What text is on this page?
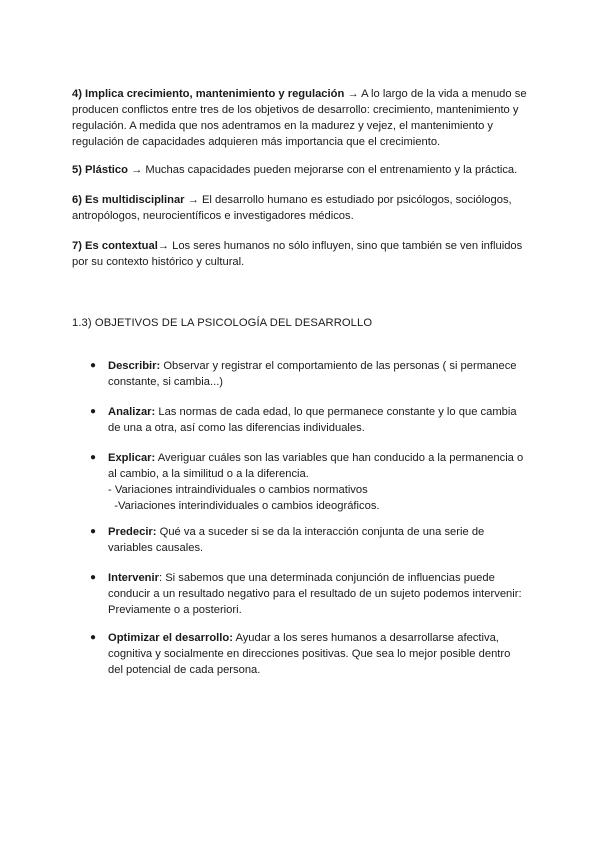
4) Implica crecimiento, mantenimiento y regulación → A lo largo de la vida a menudo se producen conflictos entre tres de los objetivos de desarrollo: crecimiento, mantenimiento y regulación. A medida que nos adentramos en la madurez y vejez, el mantenimiento y regulación de capacidades adquieren más importancia que el crecimiento.

5) Plástico → Muchas capacidades pueden mejorarse con el entrenamiento y la práctica.

6) Es multidisciplinar → El desarrollo humano es estudiado por psicólogos, sociólogos, antropólogos, neurocientíficos e investigadores médicos.

7) Es contextual→ Los seres humanos no sólo influyen, sino que también se ven influidos por su contexto histórico y cultural.

1.3) OBJETIVOS DE LA PSICOLOGÍA DEL DESARROLLO
● Describir: Observar y registrar el comportamiento de las personas ( si permanece constante, si cambia...)
● Analizar: Las normas de cada edad, lo que permanece constante y lo que cambia de una a otra, así como las diferencias individuales.
● Explicar: Averiguar cuáles son las variables que han conducido a la permanencia o al cambio, a la similitud o a la diferencia.
- Variaciones intraindividuales o cambios normativos
-Variaciones interindividuales o cambios ideográficos.
● Predecir: Qué va a suceder si se da la interacción conjunta de una serie de variables causales.
● Intervenir: Si sabemos que una determinada conjunción de influencias puede conducir a un resultado negativo para el resultado de un sujeto podemos intervenir: Previamente o a posteriori.
● Optimizar el desarrollo: Ayudar a los seres humanos a desarrollarse afectiva, cognitiva y socialmente en direcciones positivas. Que sea lo mejor posible dentro del potencial de cada persona.
